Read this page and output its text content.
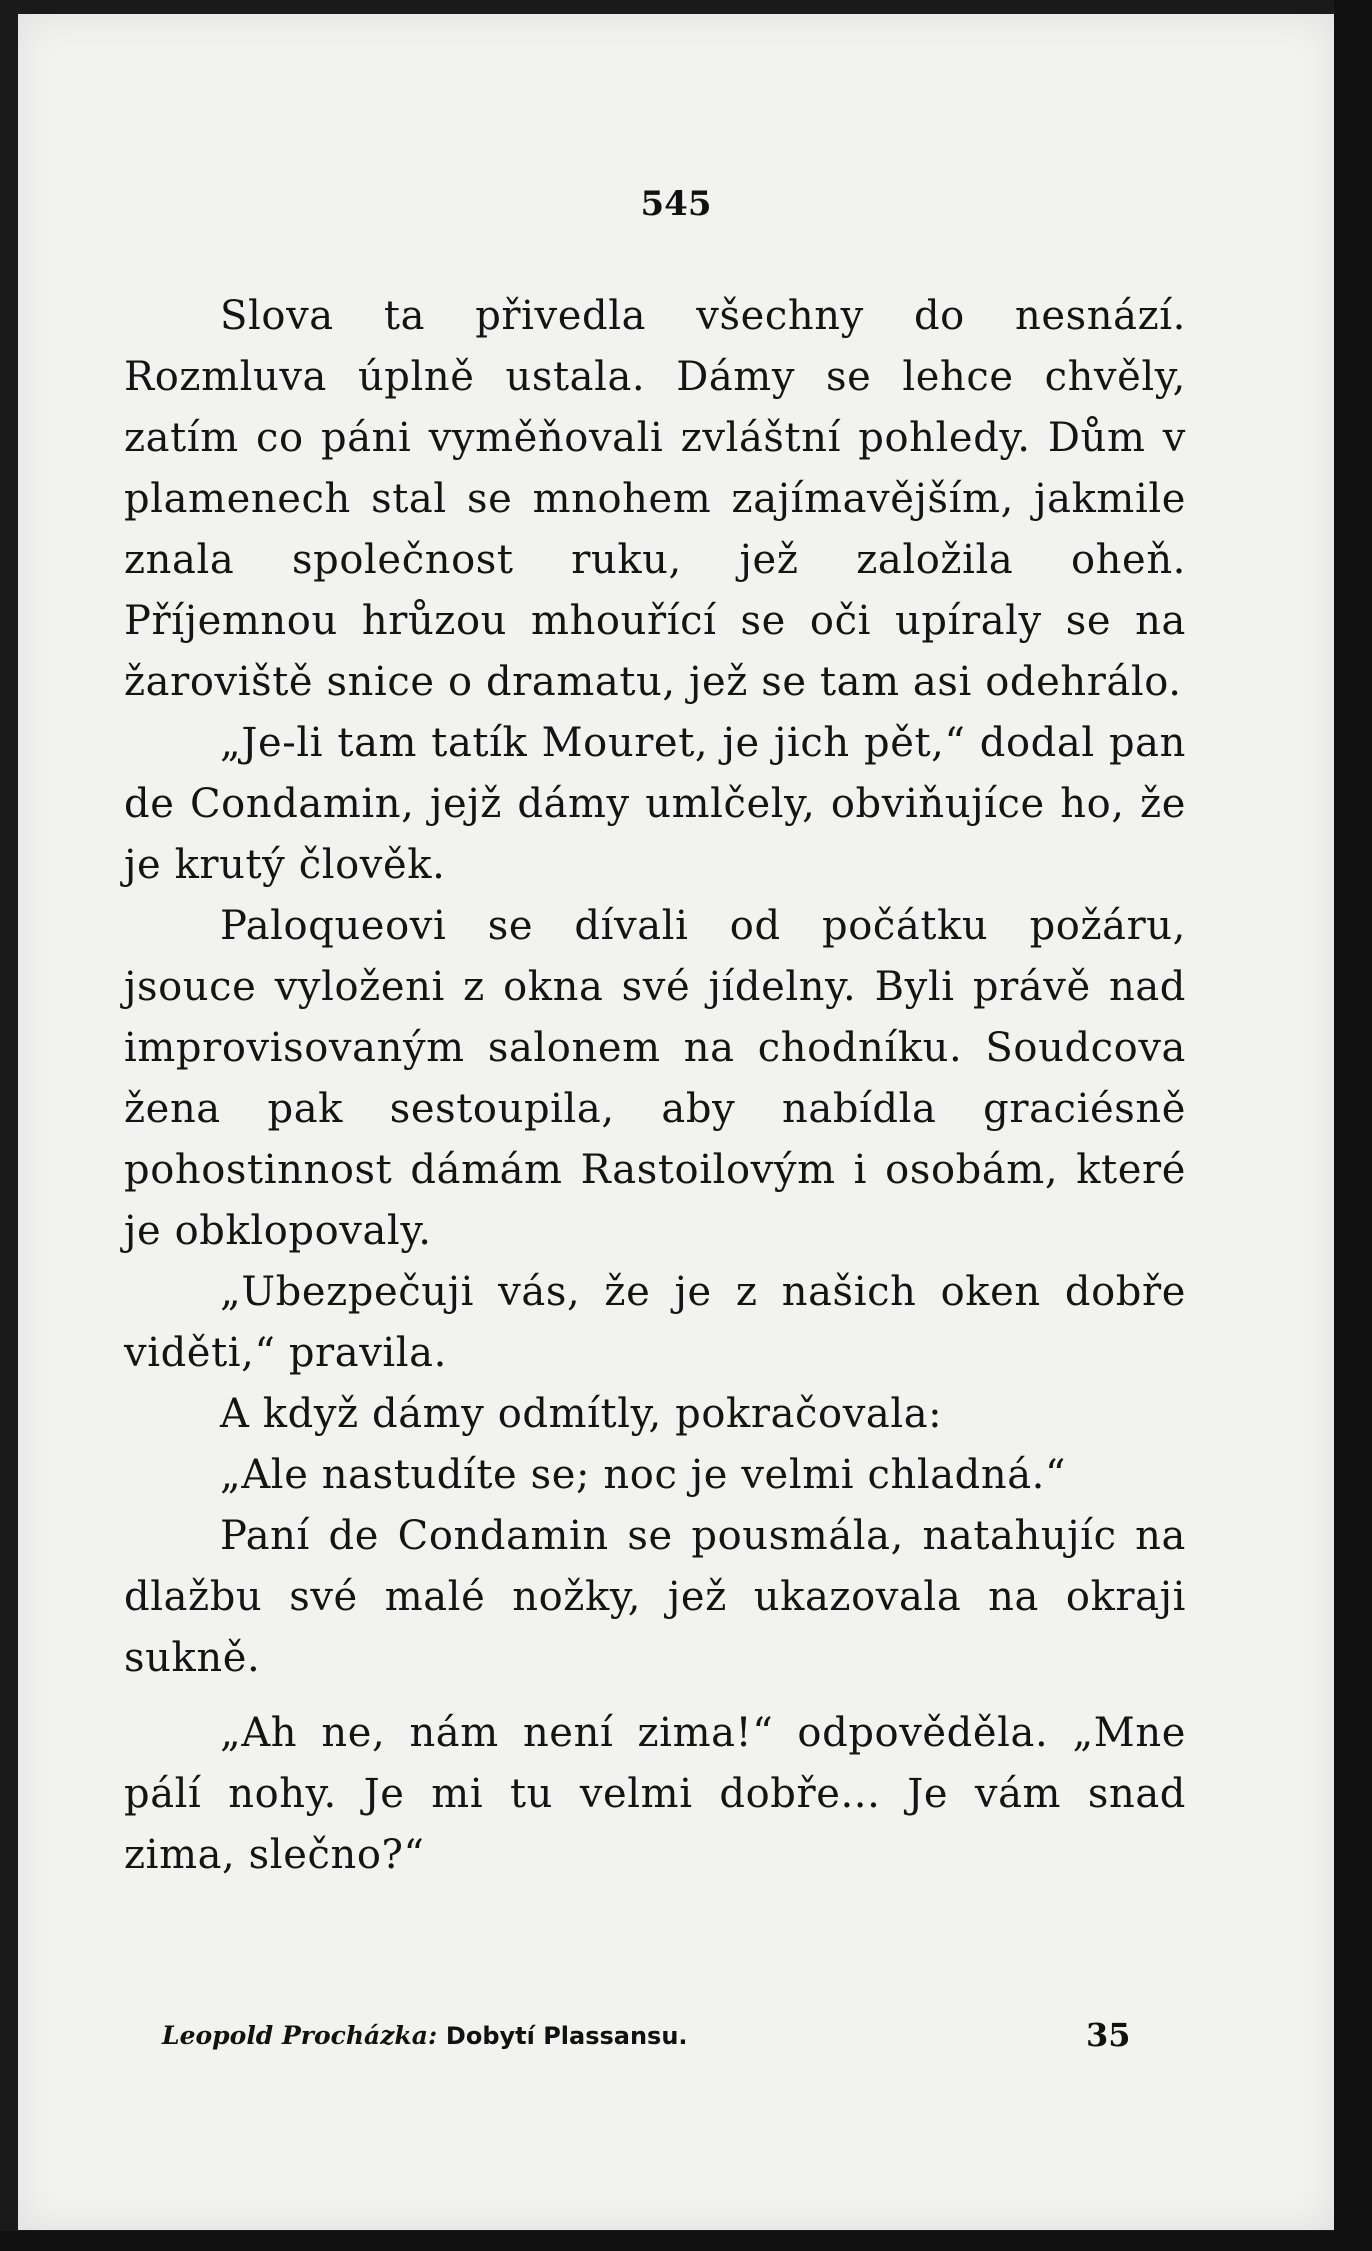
545

Slova ta přivedla všechny do nesnází. Rozmluva úplně ustala. Dámy se lehce chvěly, zatím co páni vyměňovali zvláštní pohledy. Dům v plamenech stal se mnohem zajímavějším, jakmile znala společnost ruku, jež založila oheň. Příjemnou hrůzou mhouřící se oči upíraly se na žaroviště snice o dramatu, jež se tam asi odehrálo.

„Je-li tam tatík Mouret, je jich pět,“ dodal pan de Condamin, jejž dámy umlčely, obviňujíce ho, že je krutý člověk.

Paloqueovi se dívali od počátku požáru, jsouce vyloženi z okna své jídelny. Byli právě nad improvisovaným salonem na chodníku. Soudcova žena pak sestoupila, aby nabídla graciésně pohostinnost dámám Rastoilovým i osobám, které je obklopovaly.

„Ubezpečuji vás, že je z našich oken dobře viděti,“ pravila.

A když dámy odmítly, pokračovala:

„Ale nastudíte se; noc je velmi chladná.“

Paní de Condamin se pousmála, natahujíc na dlažbu své malé nožky, jež ukazovala na okraji sukně.

„Ah ne, nám není zima!“ odpověděla. „Mne pálí nohy. Je mi tu velmi dobře... Je vám snad zima, slečno?“

Leopold Procházka: Dobytí Plassansu.	35
